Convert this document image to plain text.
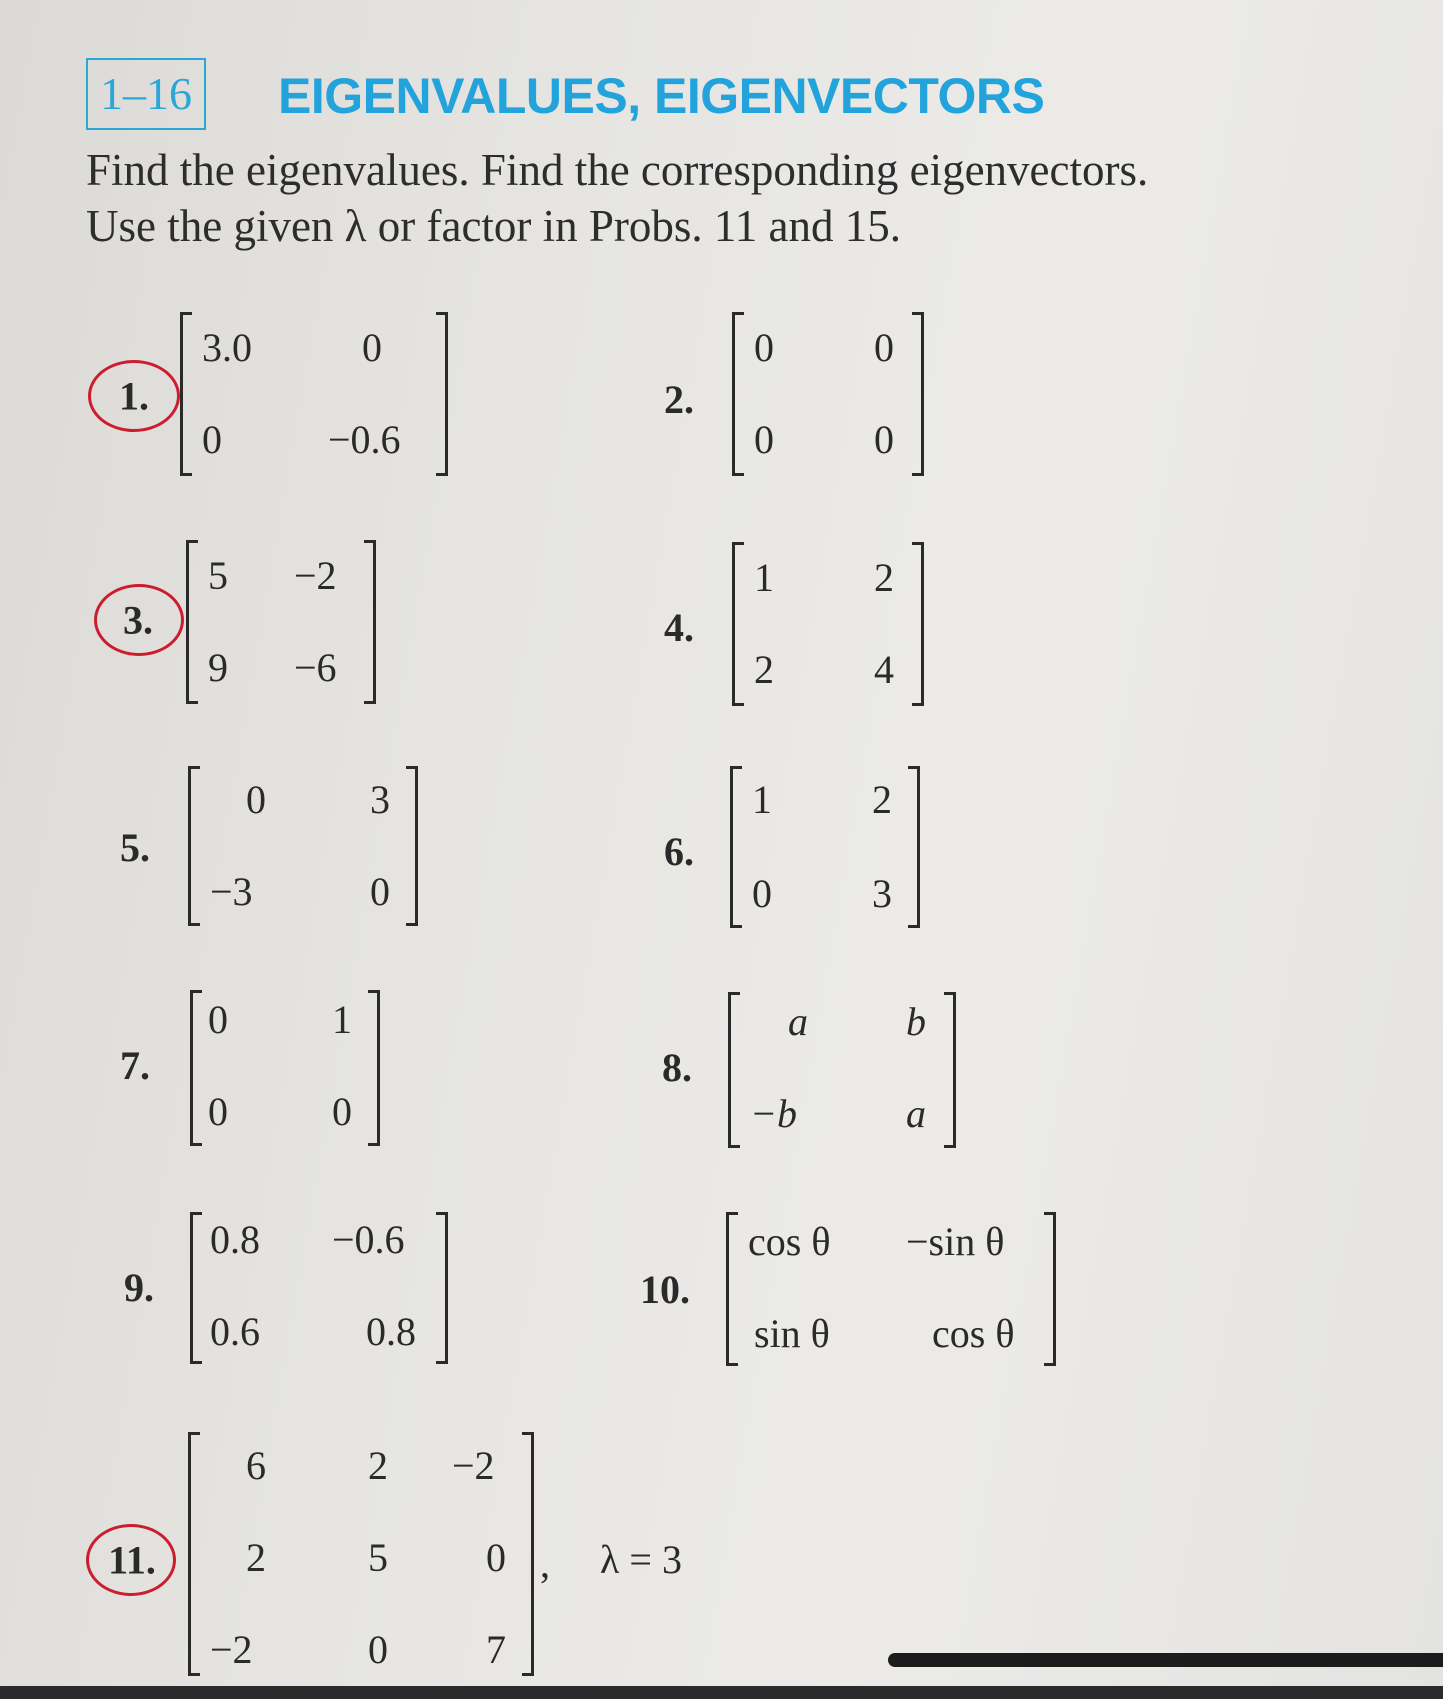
1–16 EIGENVALUES, EIGENVECTORS
Find the eigenvalues. Find the corresponding eigenvectors.
Use the given λ or factor in Probs. 11 and 15.
1.
3.0	0
0	−0.6
2.
0	0
0	0
3.
5 −2
9 −6
4.
1	2
2	4
5.
0	3
−3	0
6.
1	2
0	3
7.
0	1
0	0
8.
a b
−b	a
9.
0.8 −0.6
0.6	0.8
10.
cos θ −sin θ
sin θ	cos θ
11.
6	2 −2
2	5 0
−2	0 7
, λ = 3
